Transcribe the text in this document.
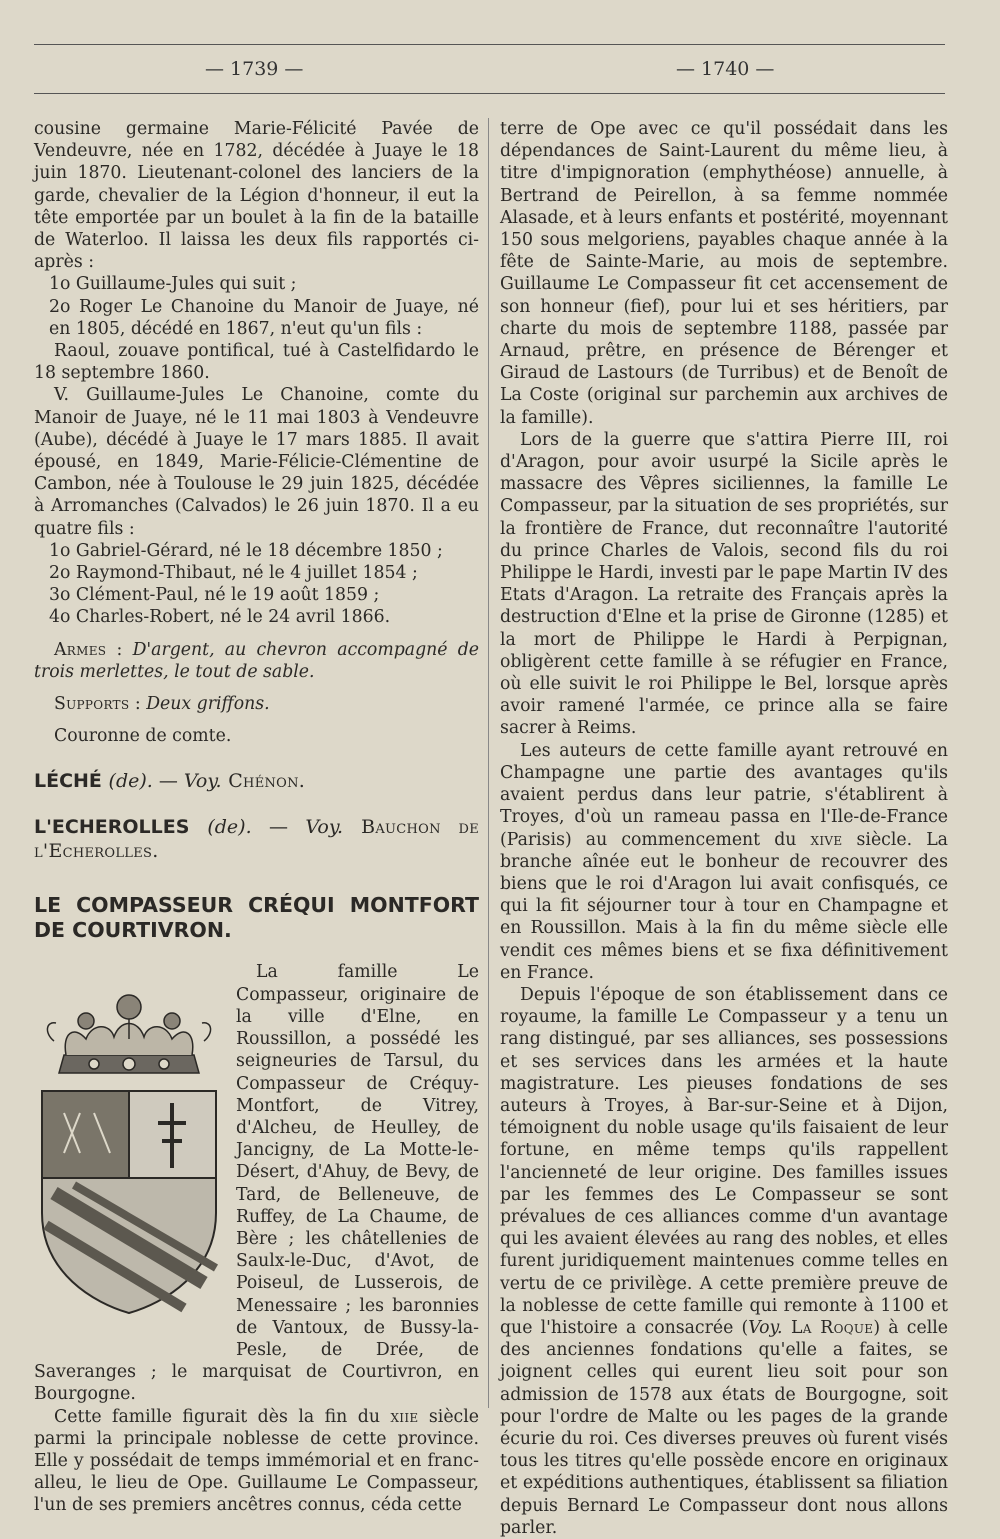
— 1739 —	— 1740 —

cousine germaine Marie-Félicité Pavée de Vendeuvre, née en 1782, décédée à Juaye le 18 juin 1870. Lieutenant-colonel des lanciers de la garde, chevalier de la Légion d'honneur, il eut la tête emportée par un boulet à la fin de la bataille de Waterloo. Il laissa les deux fils rapportés ci-après :

1o Guillaume-Jules qui suit ;

2o Roger Le Chanoine du Manoir de Juaye, né en 1805, décédé en 1867, n'eut qu'un fils :

Raoul, zouave pontifical, tué à Castelfidardo le 18 septembre 1860.

V. Guillaume-Jules Le Chanoine, comte du Manoir de Juaye, né le 11 mai 1803 à Vendeuvre (Aube), décédé à Juaye le 17 mars 1885. Il avait épousé, en 1849, Marie-Félicie-Clémentine de Cambon, née à Toulouse le 29 juin 1825, décédée à Arromanches (Calvados) le 26 juin 1870. Il a eu quatre fils :

1o Gabriel-Gérard, né le 18 décembre 1850 ;

2o Raymond-Thibaut, né le 4 juillet 1854 ;

3o Clément-Paul, né le 19 août 1859 ;

4o Charles-Robert, né le 24 avril 1866.

Armes : D'argent, au chevron accompagné de trois merlettes, le tout de sable.

Supports : Deux griffons.

Couronne de comte.

LÉCHÉ (de). — Voy. Chénon.

L'ECHEROLLES (de). — Voy. Bauchon de l'Echerolles.

LE COMPASSEUR CRÉQUI MONTFORT DE COURTIVRON.

La famille Le Compasseur, originaire de la ville d'Elne, en Roussillon, a possédé les seigneuries de Tarsul, du Compasseur de Créquy-Montfort, de Vitrey, d'Alcheu, de Heulley, de Jancigny, de La Motte-le-Désert, d'Ahuy, de Bevy, de Tard, de Belleneuve, de Ruffey, de La Chaume, de Bère ; les châtellenies de Saulx-le-Duc, d'Avot, de Poiseul, de Lusserois, de Menessaire ; les baronnies de Vantoux, de Bussy-la-Pesle, de Drée, de Saveranges ; le marquisat de Courtivron, en Bourgogne.

Cette famille figurait dès la fin du xiie siècle parmi la principale noblesse de cette province. Elle y possédait de temps immémorial et en franc-alleu, le lieu de Ope. Guillaume Le Compasseur, l'un de ses premiers ancêtres connus, céda cette

terre de Ope avec ce qu'il possédait dans les dépendances de Saint-Laurent du même lieu, à titre d'impignoration (emphythéose) annuelle, à Bertrand de Peirellon, à sa femme nommée Alasade, et à leurs enfants et postérité, moyennant 150 sous melgoriens, payables chaque année à la fête de Sainte-Marie, au mois de septembre. Guillaume Le Compasseur fit cet accensement de son honneur (fief), pour lui et ses héritiers, par charte du mois de septembre 1188, passée par Arnaud, prêtre, en présence de Bérenger et Giraud de Lastours (de Turribus) et de Benoît de La Coste (original sur parchemin aux archives de la famille).

Lors de la guerre que s'attira Pierre III, roi d'Aragon, pour avoir usurpé la Sicile après le massacre des Vêpres siciliennes, la famille Le Compasseur, par la situation de ses propriétés, sur la frontière de France, dut reconnaître l'autorité du prince Charles de Valois, second fils du roi Philippe le Hardi, investi par le pape Martin IV des Etats d'Aragon. La retraite des Français après la destruction d'Elne et la prise de Gironne (1285) et la mort de Philippe le Hardi à Perpignan, obligèrent cette famille à se réfugier en France, où elle suivit le roi Philippe le Bel, lorsque après avoir ramené l'armée, ce prince alla se faire sacrer à Reims.

Les auteurs de cette famille ayant retrouvé en Champagne une partie des avantages qu'ils avaient perdus dans leur patrie, s'établirent à Troyes, d'où un rameau passa en l'Ile-de-France (Parisis) au commencement du xive siècle. La branche aînée eut le bonheur de recouvrer des biens que le roi d'Aragon lui avait confisqués, ce qui la fit séjourner tour à tour en Champagne et en Roussillon. Mais à la fin du même siècle elle vendit ces mêmes biens et se fixa définitivement en France.

Depuis l'époque de son établissement dans ce royaume, la famille Le Compasseur y a tenu un rang distingué, par ses alliances, ses possessions et ses services dans les armées et la haute magistrature. Les pieuses fondations de ses auteurs à Troyes, à Bar-sur-Seine et à Dijon, témoignent du noble usage qu'ils faisaient de leur fortune, en même temps qu'ils rappellent l'ancienneté de leur origine. Des familles issues par les femmes des Le Compasseur se sont prévalues de ces alliances comme d'un avantage qui les avaient élevées au rang des nobles, et elles furent juridiquement maintenues comme telles en vertu de ce privilège. A cette première preuve de la noblesse de cette famille qui remonte à 1100 et que l'histoire a consacrée (Voy. La Roque) à celle des anciennes fondations qu'elle a faites, se joignent celles qui eurent lieu soit pour son admission de 1578 aux états de Bourgogne, soit pour l'ordre de Malte ou les pages de la grande écurie du roi. Ces diverses preuves où furent visés tous les titres qu'elle possède encore en originaux et expéditions authentiques, établissent sa filiation depuis Bernard Le Compasseur dont nous allons parler.
